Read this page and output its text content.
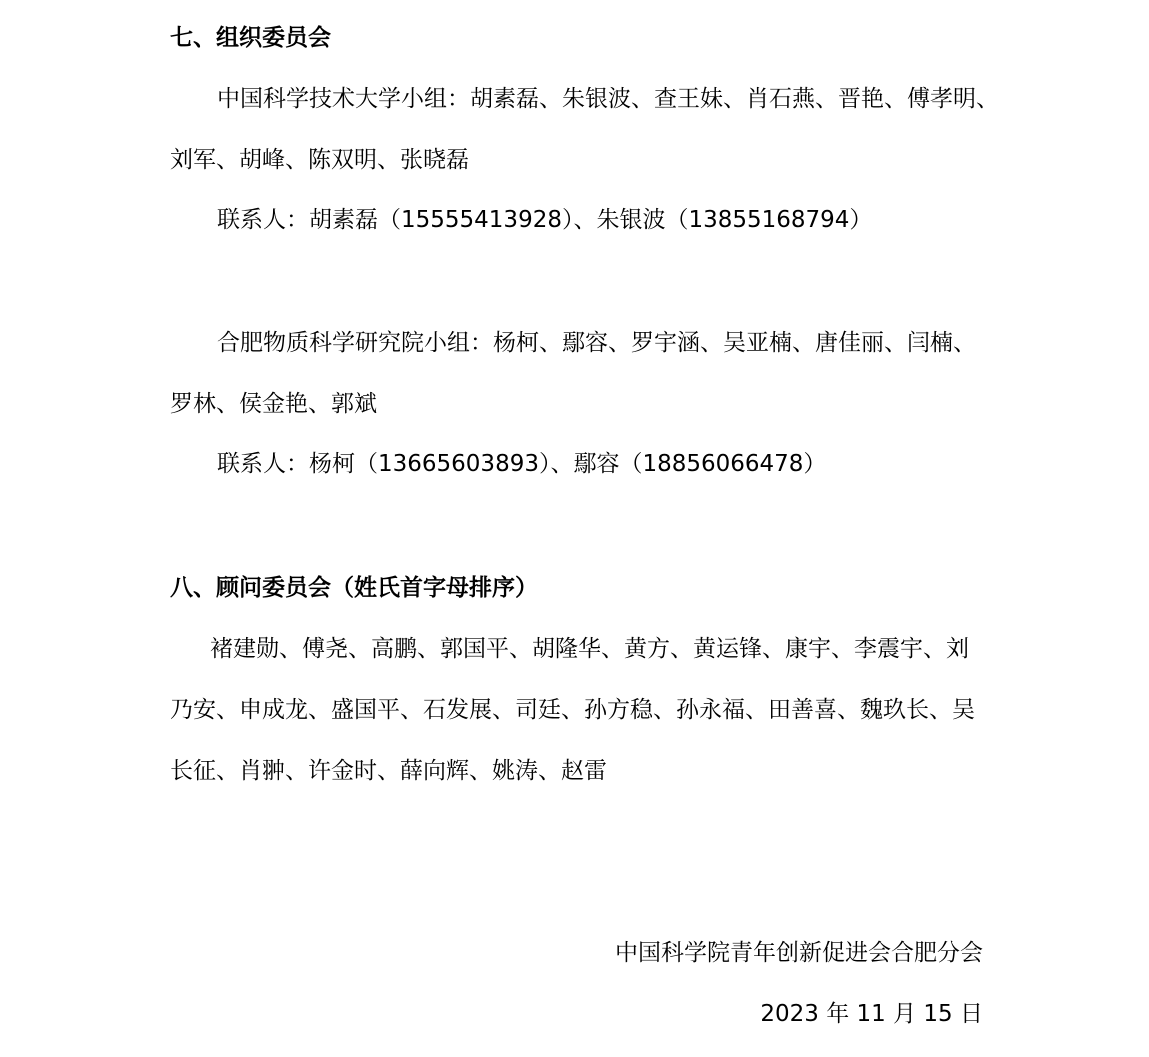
七、组织委员会
中国科学技术大学小组：胡素磊、朱银波、查王妹、肖石燕、晋艳、傅孝明、
刘军、胡峰、陈双明、张晓磊
联系人：胡素磊（15555413928）、朱银波（13855168794）
合肥物质科学研究院小组：杨柯、鄢容、罗宇涵、吴亚楠、唐佳丽、闫楠、
罗林、侯金艳、郭斌
联系人：杨柯（13665603893）、鄢容（18856066478）
八、顾问委员会（姓氏首字母排序）
褚建勋、傅尧、高鹏、郭国平、胡隆华、黄方、黄运锋、康宇、李震宇、刘
乃安、申成龙、盛国平、石发展、司廷、孙方稳、孙永福、田善喜、魏玖长、吴
长征、肖翀、许金时、薛向辉、姚涛、赵雷
中国科学院青年创新促进会合肥分会
2023 年 11 月 15 日
